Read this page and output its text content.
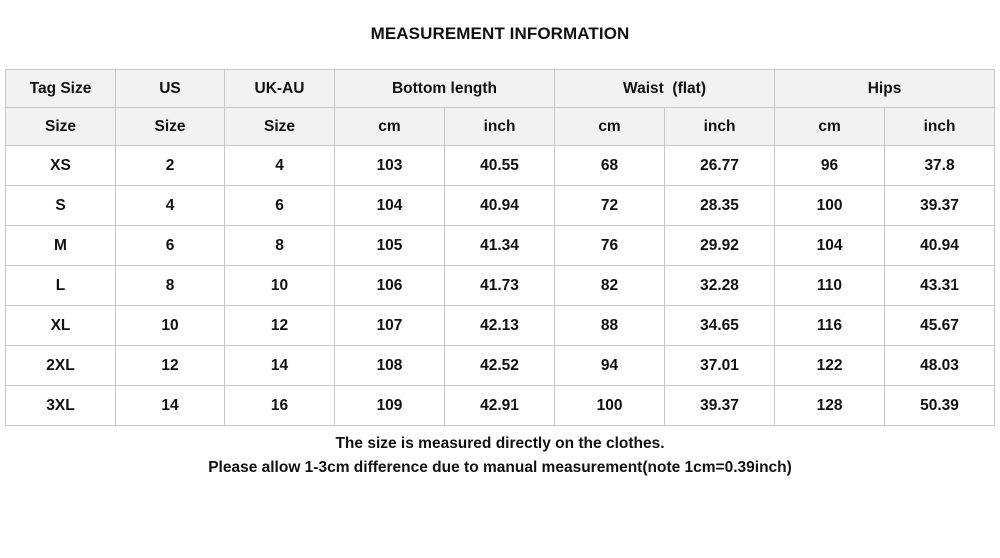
MEASUREMENT INFORMATION
Tag Size	US	UK-AU	Bottom length		Waist  (flat)		Hips	
Size	Size	Size	cm	inch	cm	inch	cm	inch
XS	2	4	103	40.55	68	26.77	96	37.8
S	4	6	104	40.94	72	28.35	100	39.37
M	6	8	105	41.34	76	29.92	104	40.94
L	8	10	106	41.73	82	32.28	110	43.31
XL	10	12	107	42.13	88	34.65	116	45.67
2XL	12	14	108	42.52	94	37.01	122	48.03
3XL	14	16	109	42.91	100	39.37	128	50.39
The size is measured directly on the clothes.
Please allow 1-3cm difference due to manual measurement(note 1cm=0.39inch)
